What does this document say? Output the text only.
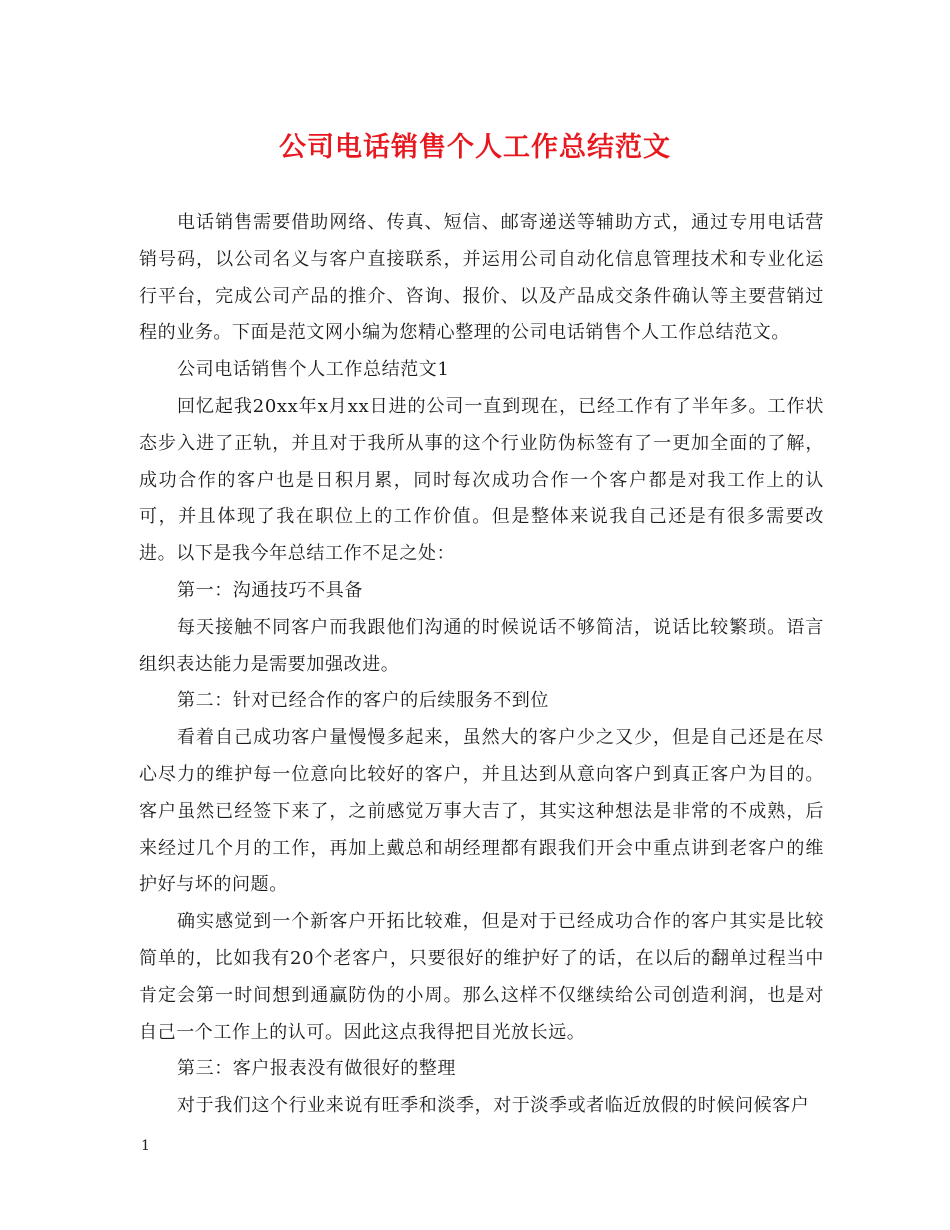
公司电话销售个人工作总结范文

电话销售需要借助网络、传真、短信、邮寄递送等辅助方式，通过专用电话营销号码，以公司名义与客户直接联系，并运用公司自动化信息管理技术和专业化运行平台，完成公司产品的推介、咨询、报价、以及产品成交条件确认等主要营销过程的业务。下面是范文网小编为您精心整理的公司电话销售个人工作总结范文。

公司电话销售个人工作总结范文1

回忆起我20xx年x月xx日进的公司一直到现在，已经工作有了半年多。工作状态步入进了正轨，并且对于我所从事的这个行业防伪标签有了一更加全面的了解，成功合作的客户也是日积月累，同时每次成功合作一个客户都是对我工作上的认可，并且体现了我在职位上的工作价值。但是整体来说我自己还是有很多需要改进。以下是我今年总结工作不足之处：

第一：沟通技巧不具备

每天接触不同客户而我跟他们沟通的时候说话不够简洁，说话比较繁琐。语言组织表达能力是需要加强改进。

第二：针对已经合作的客户的后续服务不到位

看着自己成功客户量慢慢多起来，虽然大的客户少之又少，但是自己还是在尽心尽力的维护每一位意向比较好的客户，并且达到从意向客户到真正客户为目的。客户虽然已经签下来了，之前感觉万事大吉了，其实这种想法是非常的不成熟，后来经过几个月的工作，再加上戴总和胡经理都有跟我们开会中重点讲到老客户的维护好与坏的问题。

确实感觉到一个新客户开拓比较难，但是对于已经成功合作的客户其实是比较简单的，比如我有20个老客户，只要很好的维护好了的话，在以后的翻单过程当中肯定会第一时间想到通赢防伪的小周。那么这样不仅继续给公司创造利润，也是对自己一个工作上的认可。因此这点我得把目光放长远。

第三：客户报表没有做很好的整理

对于我们这个行业来说有旺季和淡季，对于淡季或者临近放假的时候问候客户

1
